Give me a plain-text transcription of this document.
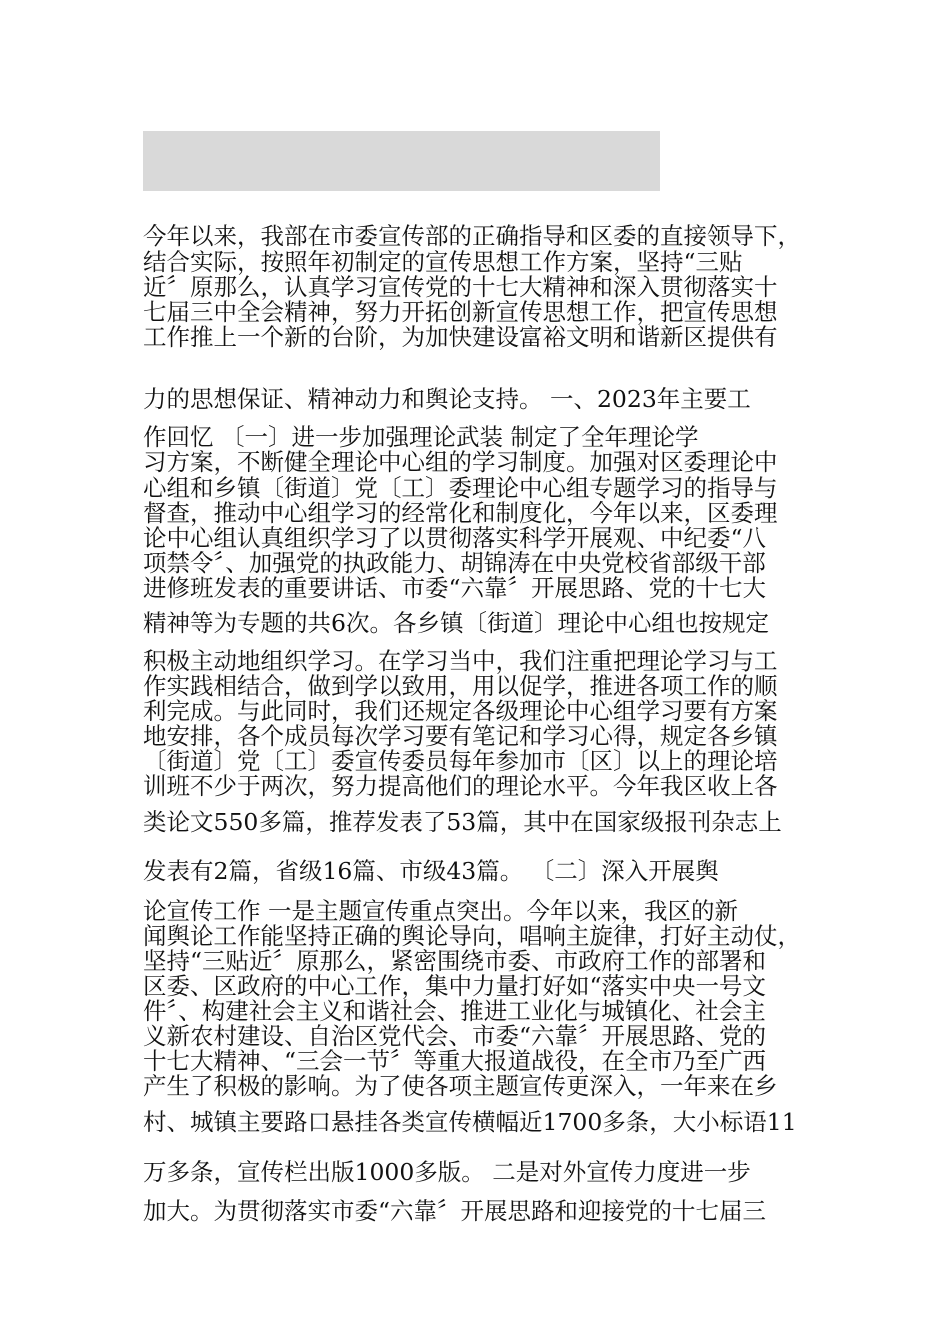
今年以来，我部在市委宣传部的正确指导和区委的直接领导下，
结合实际，按照年初制定的宣传思想工作方案，坚持“三贴
近〞原那么，认真学习宣传党的十七大精神和深入贯彻落实十
七届三中全会精神，努力开拓创新宣传思想工作，把宣传思想
工作推上一个新的台阶，为加快建设富裕文明和谐新区提供有
力的思想保证、精神动力和舆论支持。 一、2023年主要工
作回忆 〔一〕进一步加强理论武装 制定了全年理论学
习方案，不断健全理论中心组的学习制度。加强对区委理论中
心组和乡镇〔街道〕党〔工〕委理论中心组专题学习的指导与
督查，推动中心组学习的经常化和制度化，今年以来，区委理
论中心组认真组织学习了以贯彻落实科学开展观、中纪委“八
项禁令〞、加强党的执政能力、胡锦涛在中央党校省部级干部
进修班发表的重要讲话、市委“六靠〞开展思路、党的十七大
精神等为专题的共6次。各乡镇〔街道〕理论中心组也按规定
积极主动地组织学习。在学习当中，我们注重把理论学习与工
作实践相结合，做到学以致用，用以促学，推进各项工作的顺
利完成。与此同时，我们还规定各级理论中心组学习要有方案
地安排，各个成员每次学习要有笔记和学习心得，规定各乡镇
〔街道〕党〔工〕委宣传委员每年参加市〔区〕以上的理论培
训班不少于两次，努力提高他们的理论水平。今年我区收上各
类论文550多篇，推荐发表了53篇，其中在国家级报刊杂志上
发表有2篇，省级16篇、市级43篇。 〔二〕深入开展舆
论宣传工作 一是主题宣传重点突出。今年以来，我区的新
闻舆论工作能坚持正确的舆论导向，唱响主旋律，打好主动仗，
坚持“三贴近〞原那么，紧密围绕市委、市政府工作的部署和
区委、区政府的中心工作，集中力量打好如“落实中央一号文
件〞、构建社会主义和谐社会、推进工业化与城镇化、社会主
义新农村建设、自治区党代会、市委“六靠〞开展思路、党的
十七大精神、“三会一节〞等重大报道战役，在全市乃至广西
产生了积极的影响。为了使各项主题宣传更深入，一年来在乡
村、城镇主要路口悬挂各类宣传横幅近1700多条，大小标语11
万多条，宣传栏出版1000多版。 二是对外宣传力度进一步
加大。为贯彻落实市委“六靠〞开展思路和迎接党的十七届三
